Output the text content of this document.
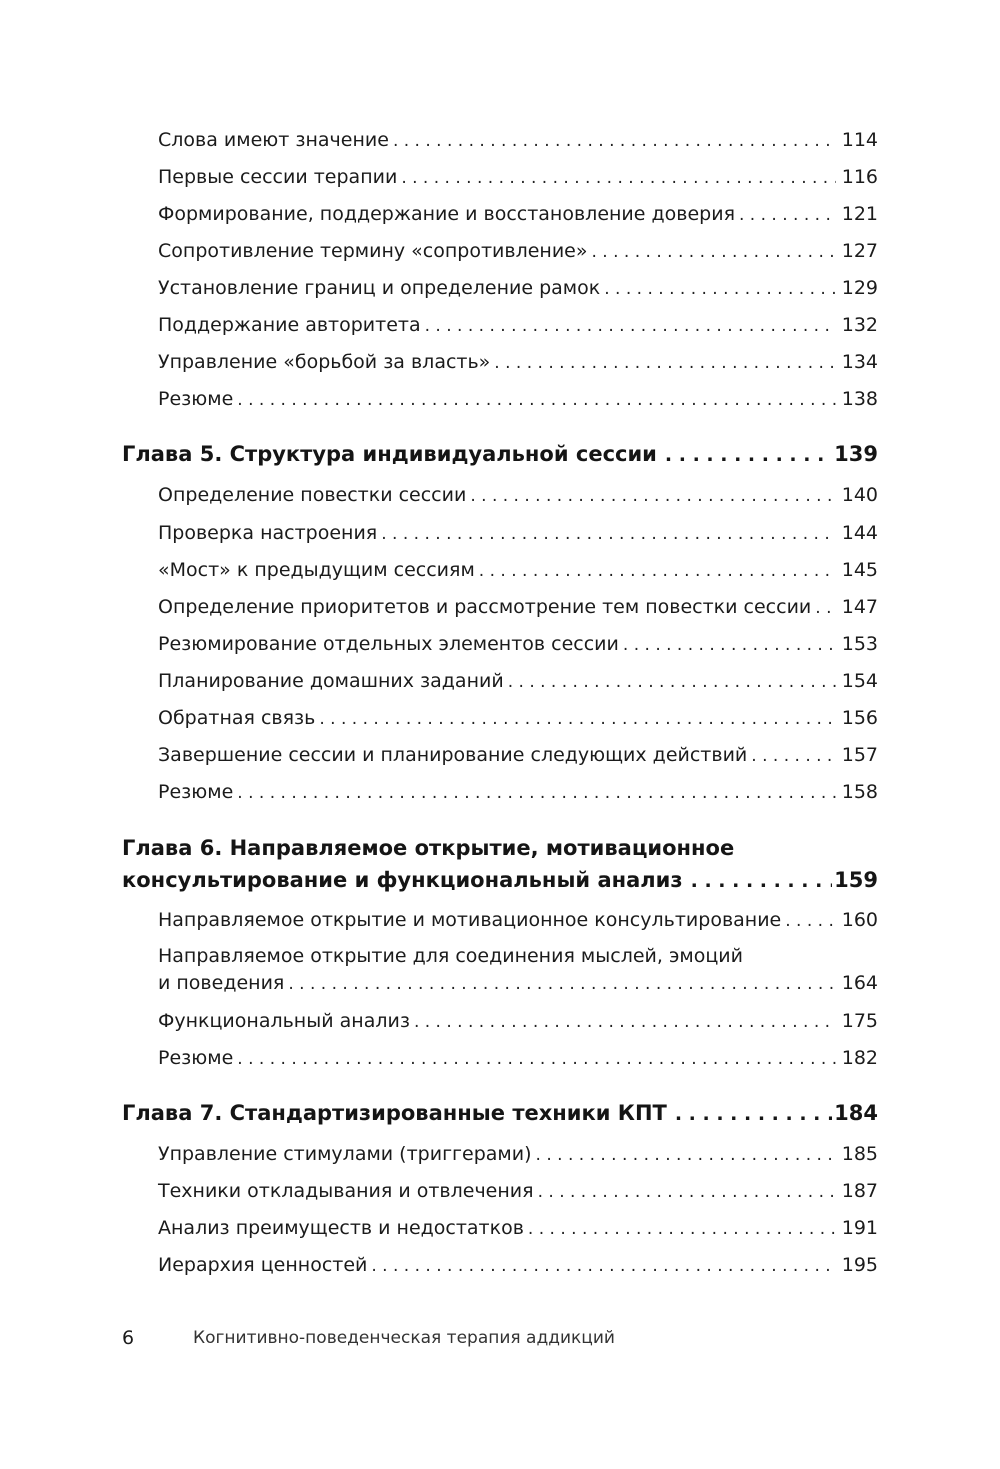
Слова имеют значение . . .	114
Первые сессии терапии . . .	116
Формирование, поддержание и восстановление доверия . . .	121
Сопротивление термину «сопротивление» . . .	127
Установление границ и определение рамок . . .	129
Поддержание авторитета . . .	132
Управление «борьбой за власть» . . .	134
Резюме . . .	138
Глава 5. Структура индивидуальной сессии . . .	139
Определение повестки сессии . . .	140
Проверка настроения . . .	144
«Мост» к предыдущим сессиям . . .	145
Определение приоритетов и рассмотрение тем повестки сессии . . . 147
Резюмирование отдельных элементов сессии . . .	153
Планирование домашних заданий . . .	154
Обратная связь . . .	156
Завершение сессии и планирование следующих действий . . .	157
Резюме . . .	158
Глава 6. Направляемое открытие, мотивационное
консультирование и функциональный анализ . . .	159
Направляемое открытие и мотивационное консультирование . . .	160
Направляемое открытие для соединения мыслей, эмоций
и поведения . . .	164
Функциональный анализ . . .	175
Резюме . . .	182
Глава 7. Стандартизированные техники КПТ . . .	184
Управление стимулами (триггерами) . . .	185
Техники откладывания и отвлечения . . .	187
Анализ преимуществ и недостатков . . .	191
Иерархия ценностей . . .	195
6	Когнитивно-поведенческая терапия аддикций
